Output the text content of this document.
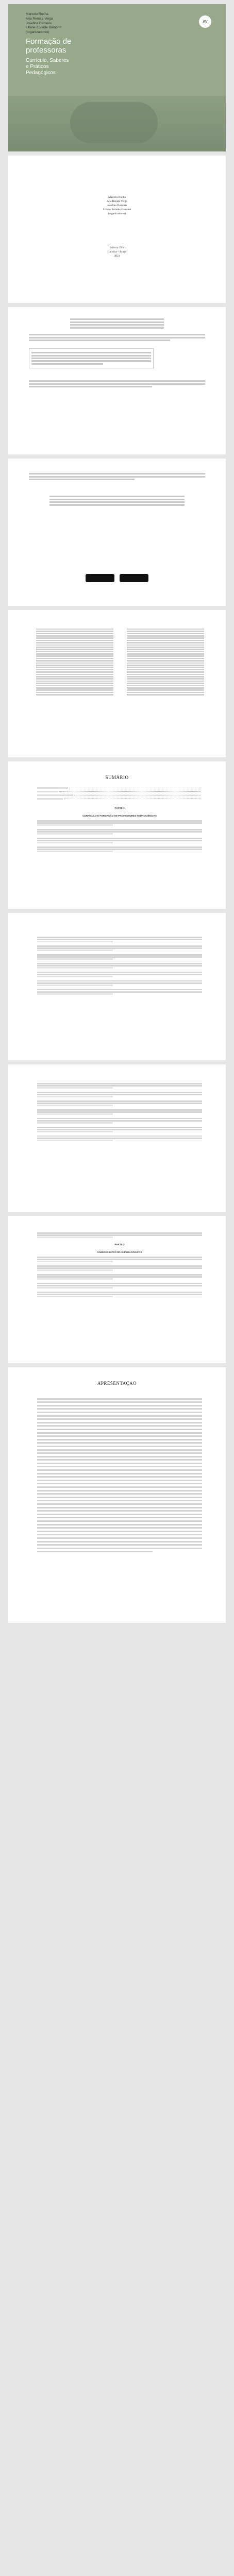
Marcelo Rocha
Ana Renata Veiga
Josefina Damoris
Liliane Zoraide Hamorst
(organizadores)
AV
Formação de
professoras
Currículo, Saberes
e Práticos
Pedagógicos
Marcelo Rocha
Ana Renata Veiga
Josefina Damoris
Liliane Zoraide Hamorst
(organizadores)
Editora CRV
Curitiba – Brasil
2021
SUMÁRIO
PARTE 1
CURRÍCULO E FORMAÇÃO DE PROFESSORES NEUROCIÊNCIAS
PARTE 2
SABERES E PRÁTICAS PEDAGÓGICAS
APRESENTAÇÃO
